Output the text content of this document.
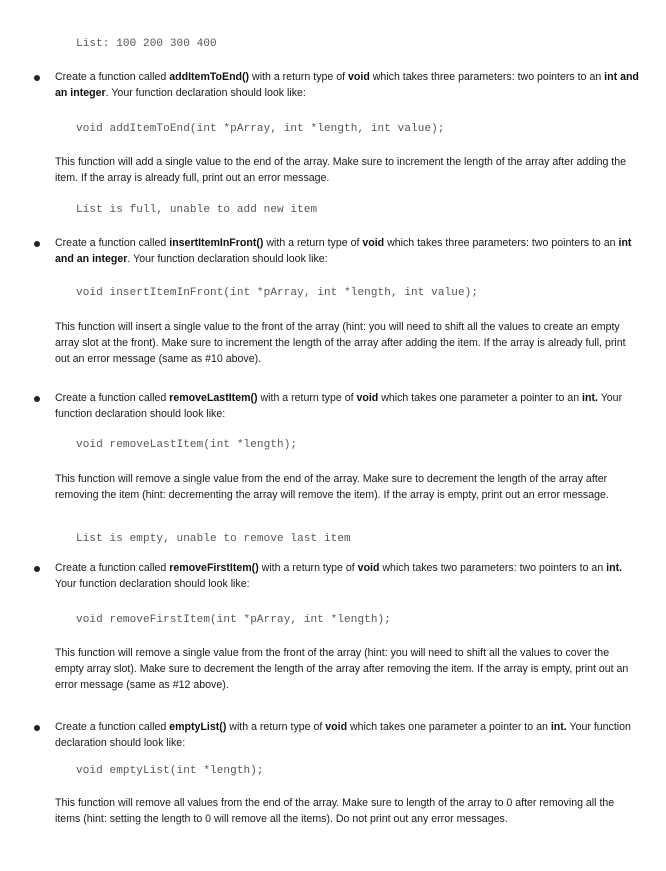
List: 100 200 300 400
Create a function called addItemToEnd() with a return type of void which takes three parameters: two pointers to an int and an integer. Your function declaration should look like:
void addItemToEnd(int *pArray, int *length, int value);
This function will add a single value to the end of the array. Make sure to increment the length of the array after adding the item. If the array is already full, print out an error message.
List is full, unable to add new item
Create a function called insertItemInFront() with a return type of void which takes three parameters: two pointers to an int and an integer. Your function declaration should look like:
void insertItemInFront(int *pArray, int *length, int value);
This function will insert a single value to the front of the array (hint: you will need to shift all the values to create an empty array slot at the front). Make sure to increment the length of the array after adding the item. If the array is already full, print out an error message (same as #10 above).
Create a function called removeLastItem() with a return type of void which takes one parameter a pointer to an int. Your function declaration should look like:
void removeLastItem(int *length);
This function will remove a single value from the end of the array. Make sure to decrement the length of the array after removing the item (hint: decrementing the array will remove the item). If the array is empty, print out an error message.
List is empty, unable to remove last item
Create a function called removeFirstItem() with a return type of void which takes two parameters: two pointers to an int. Your function declaration should look like:
void removeFirstItem(int *pArray, int *length);
This function will remove a single value from the front of the array (hint: you will need to shift all the values to cover the empty array slot). Make sure to decrement the length of the array after removing the item. If the array is empty, print out an error message (same as #12 above).
Create a function called emptyList() with a return type of void which takes one parameter a pointer to an int. Your function declaration should look like:
void emptyList(int *length);
This function will remove all values from the end of the array. Make sure to length of the array to 0 after removing all the items (hint: setting the length to 0 will remove all the items). Do not print out any error messages.
